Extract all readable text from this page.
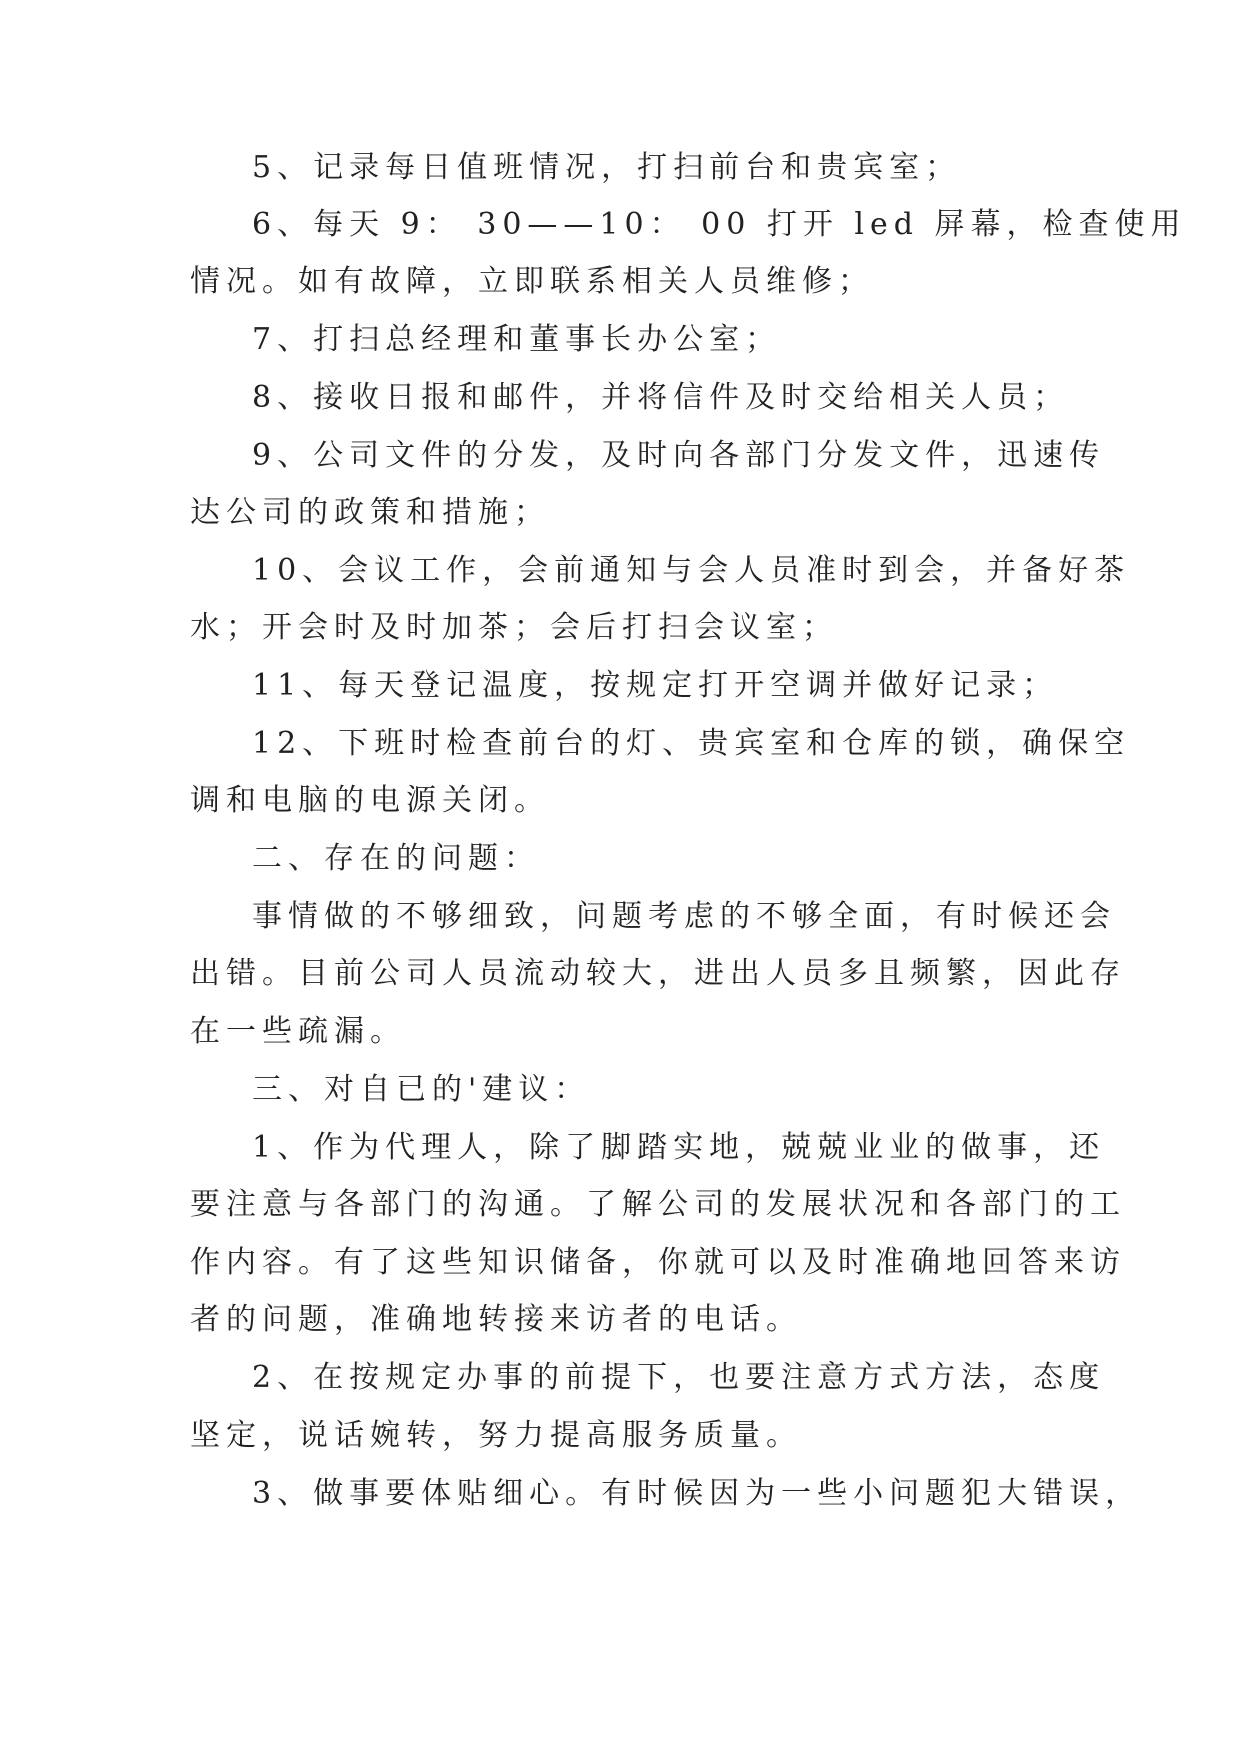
5、记录每日值班情况，打扫前台和贵宾室；
6、每天 9： 30——10： 00 打开 led 屏幕，检查使用
情况。如有故障，立即联系相关人员维修；
7、打扫总经理和董事长办公室；
8、接收日报和邮件，并将信件及时交给相关人员；
9、公司文件的分发，及时向各部门分发文件，迅速传
达公司的政策和措施；
10、会议工作，会前通知与会人员准时到会，并备好茶
水；开会时及时加茶；会后打扫会议室；
11、每天登记温度，按规定打开空调并做好记录；
12、下班时检查前台的灯、贵宾室和仓库的锁，确保空
调和电脑的电源关闭。
二、存在的问题：
事情做的不够细致，问题考虑的不够全面，有时候还会
出错。目前公司人员流动较大，进出人员多且频繁，因此存
在一些疏漏。
三、对自已的'建议：
1、作为代理人，除了脚踏实地，兢兢业业的做事，还
要注意与各部门的沟通。了解公司的发展状况和各部门的工
作内容。有了这些知识储备，你就可以及时准确地回答来访
者的问题，准确地转接来访者的电话。
2、在按规定办事的前提下，也要注意方式方法，态度
坚定，说话婉转，努力提高服务质量。
3、做事要体贴细心。有时候因为一些小问题犯大错误，
